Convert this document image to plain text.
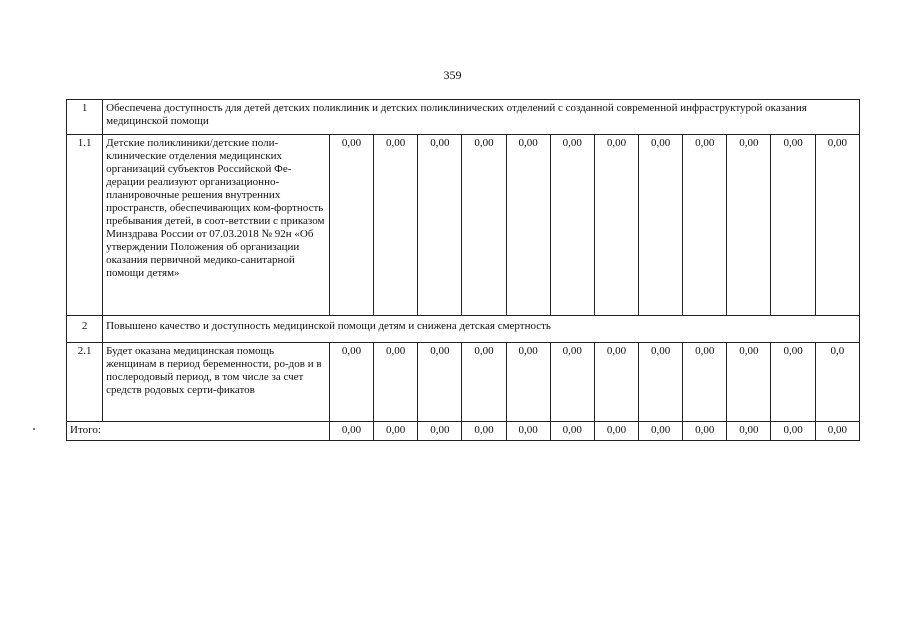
359
1	Обеспечена доступность для детей детских поликлиник и детских поликлинических отделений с созданной современной инфраструктурой оказания медицинской помощи												
1.1	Детские поликлиники/детские поли-клинические отделения медицинских организаций субъектов Российской Фе-дерации реализуют организационно-планировочные решения внутренних пространств, обеспечивающих ком-фортность пребывания детей, в соот-ветствии с приказом Минздрава России от 07.03.2018 № 92н «Об утверждении Положения об организации оказания первичной медико-санитарной помощи детям»	0,00	0,00	0,00	0,00	0,00	0,00	0,00	0,00	0,00	0,00	0,00	0,00
2	Повышено качество и доступность медицинской помощи детям и снижена детская смертность												
2.1	Будет оказана медицинская помощь женщинам в период беременности, ро-дов и в послеродовый период, в том числе за счет средств родовых серти-фикатов	0,00	0,00	0,00	0,00	0,00	0,00	0,00	0,00	0,00	0,00	0,00	0,0
Итого:		0,00	0,00	0,00	0,00	0,00	0,00	0,00	0,00	0,00	0,00	0,00	0,00
